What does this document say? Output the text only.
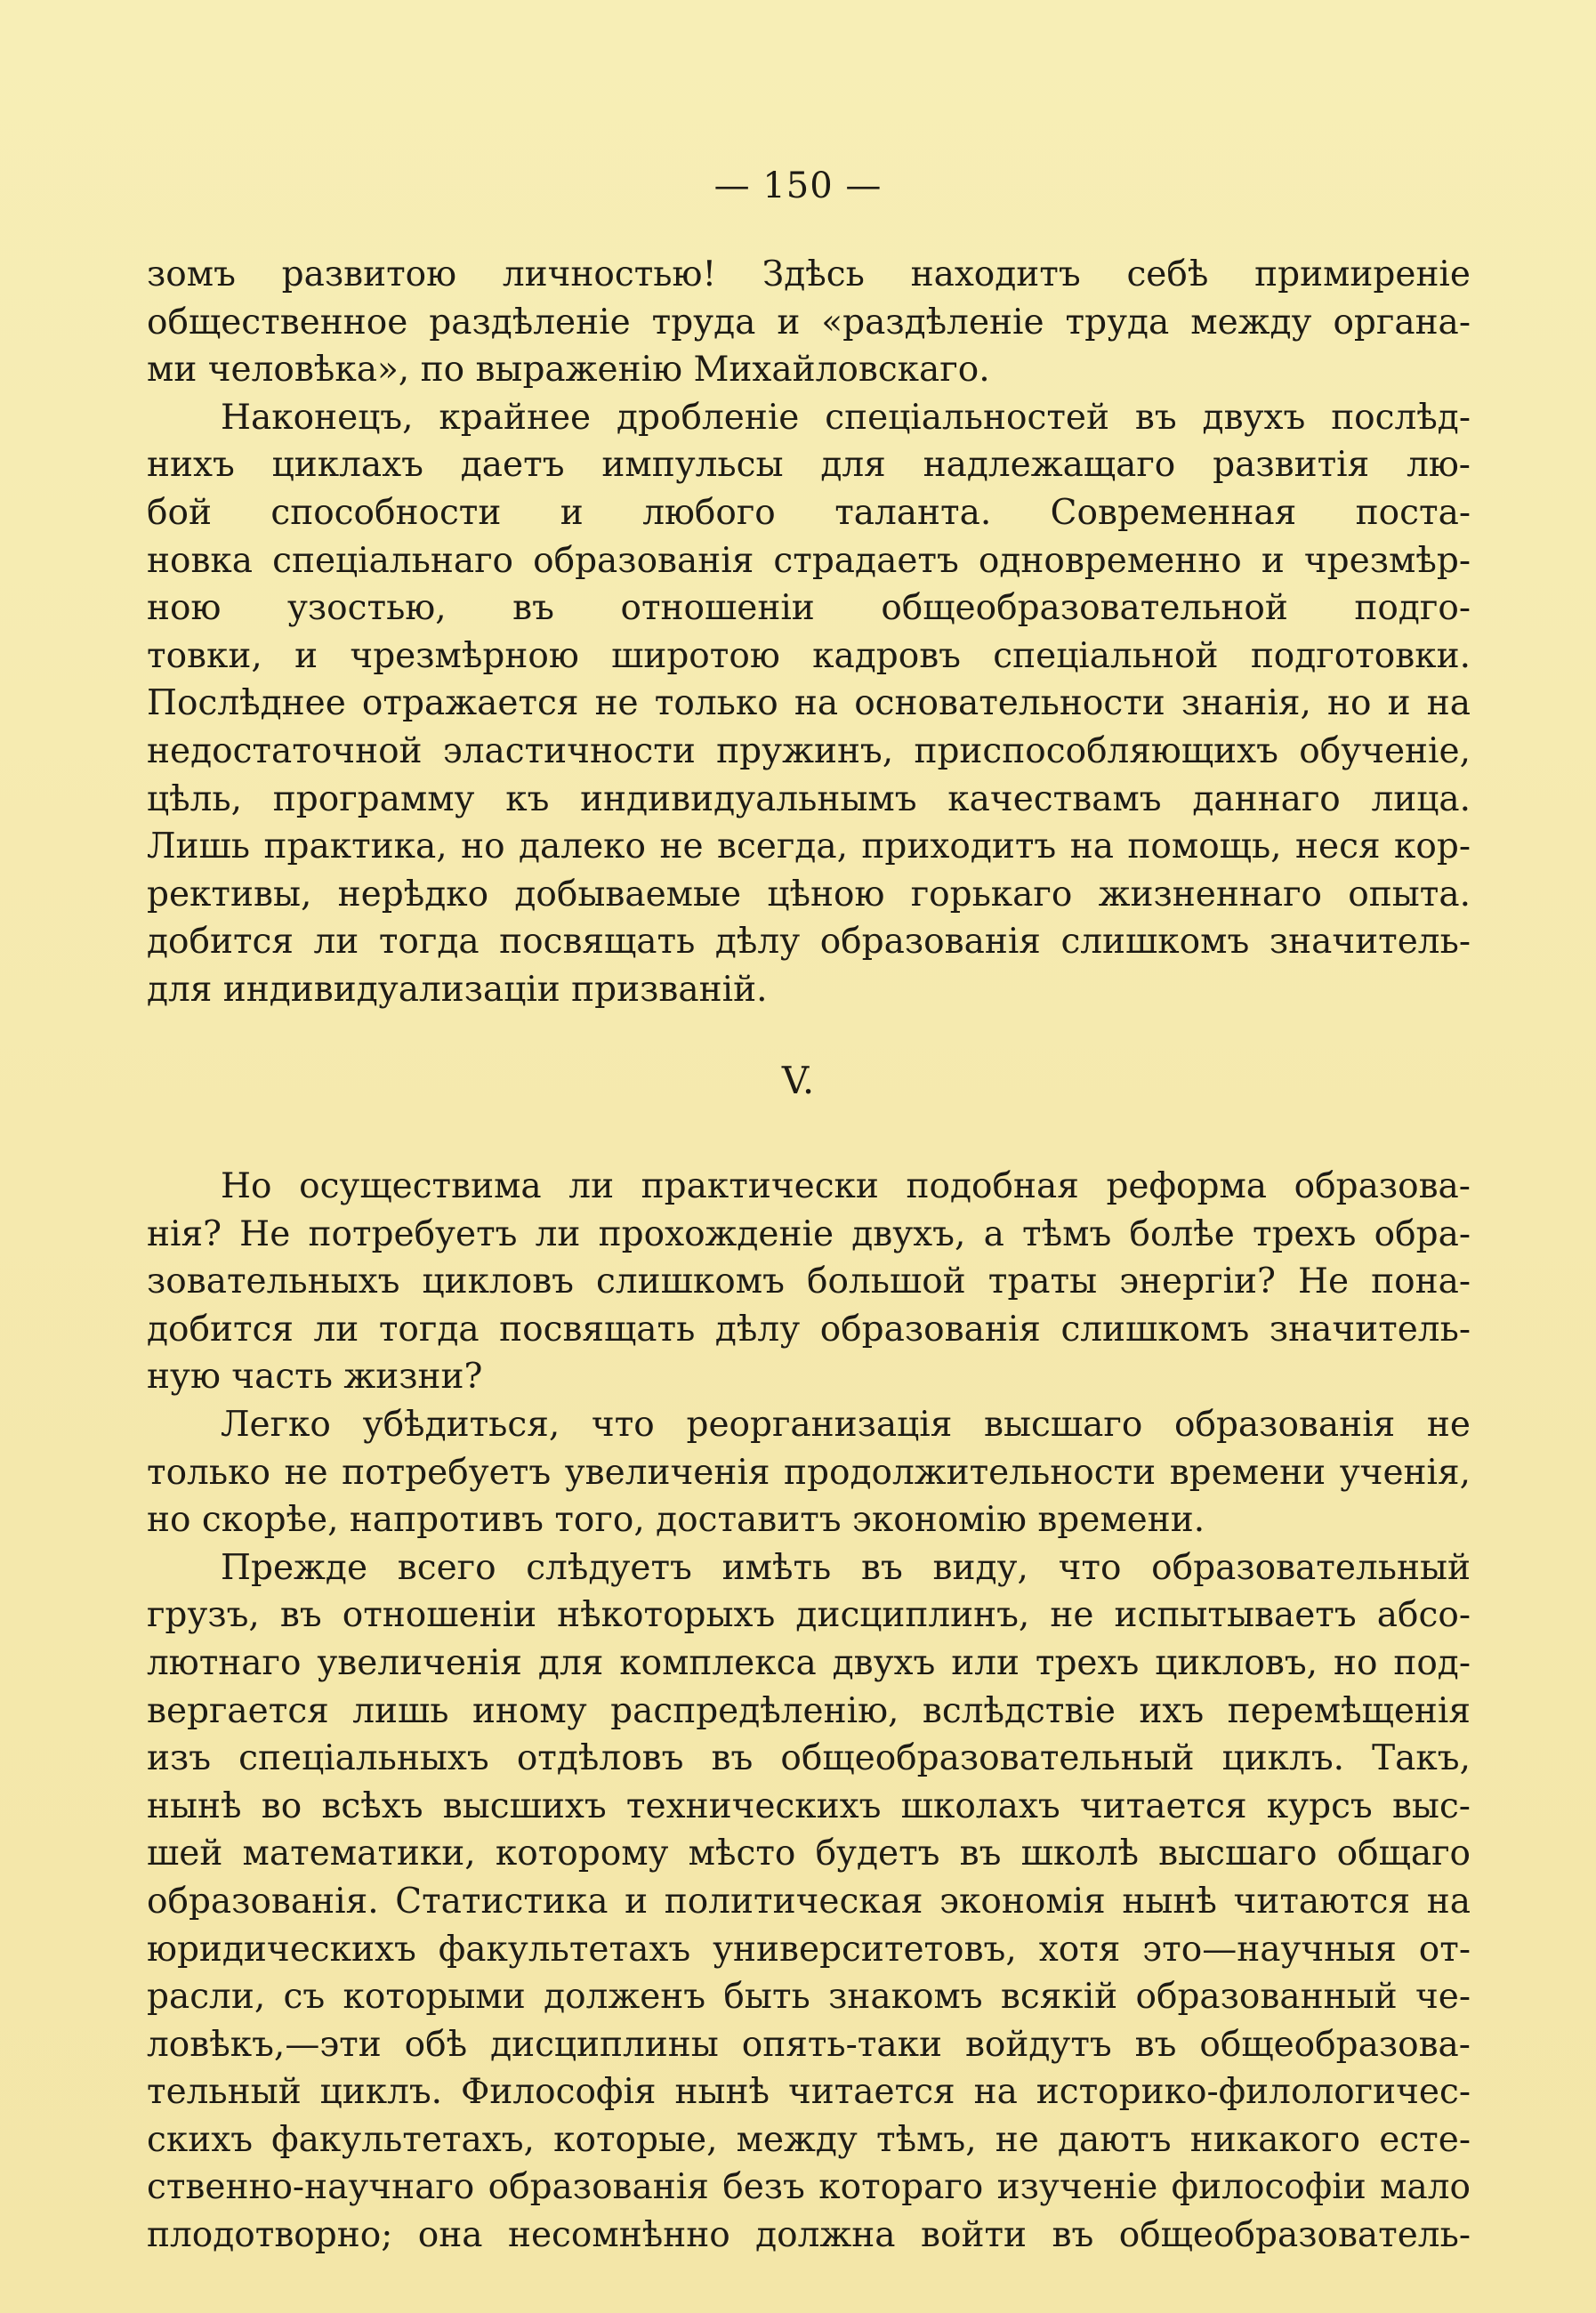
— 150 —
зомъ развитою личностью! Здѣсь находитъ себѣ примиреніе
общественное раздѣленіе труда и «раздѣленіе труда между органа-
ми человѣка», по выраженію Михайловскаго.
Наконецъ, крайнее дробленіе спеціальностей въ двухъ послѣд-
нихъ циклахъ даетъ импульсы для надлежащаго развитія лю-
бой способности и любого таланта. Современная поста-
новка спеціальнаго образованія страдаетъ одновременно и чрезмѣр-
ною узостью, въ отношеніи общеобразовательной подго-
товки, и чрезмѣрною широтою кадровъ спеціальной подготовки.
Послѣднее отражается не только на основательности знанія, но и на
недостаточной эластичности пружинъ, приспособляющихъ обученіе,
цѣль, программу къ индивидуальнымъ качествамъ даннаго лица.
Лишь практика, но далеко не всегда, приходитъ на помощь, неся кор-
рективы, нерѣдко добываемые цѣною горькаго жизненнаго опыта.
добится ли тогда посвящать дѣлу образованія слишкомъ значитель-
для индивидуализаціи призваній.
V.
Но осуществима ли практически подобная реформа образова-
нія? Не потребуетъ ли прохожденіе двухъ, а тѣмъ болѣе трехъ обра-
зовательныхъ цикловъ слишкомъ большой траты энергіи? Не пона-
добится ли тогда посвящать дѣлу образованія слишкомъ значитель-
ную часть жизни?
Легко убѣдиться, что реорганизація высшаго образованія не
только не потребуетъ увеличенія продолжительности времени ученія,
но скорѣе, напротивъ того, доставитъ экономію времени.
Прежде всего слѣдуетъ имѣть въ виду, что образовательный
грузъ, въ отношеніи нѣкоторыхъ дисциплинъ, не испытываетъ абсо-
лютнаго увеличенія для комплекса двухъ или трехъ цикловъ, но под-
вергается лишь иному распредѣленію, вслѣдствіе ихъ перемѣщенія
изъ спеціальныхъ отдѣловъ въ общеобразовательный циклъ. Такъ,
нынѣ во всѣхъ высшихъ техническихъ школахъ читается курсъ выс-
шей математики, которому мѣсто будетъ въ школѣ высшаго общаго
образованія. Статистика и политическая экономія нынѣ читаются на
юридическихъ факультетахъ университетовъ, хотя это—научныя от-
расли, съ которыми долженъ быть знакомъ всякій образованный че-
ловѣкъ,—эти обѣ дисциплины опять-таки войдутъ въ общеобразова-
тельный циклъ. Философія нынѣ читается на историко-филологичес-
скихъ факультетахъ, которые, между тѣмъ, не даютъ никакого есте-
ственно-научнаго образованія безъ котораго изученіе философіи мало
плодотворно; она несомнѣнно должна войти въ общеобразователь-
